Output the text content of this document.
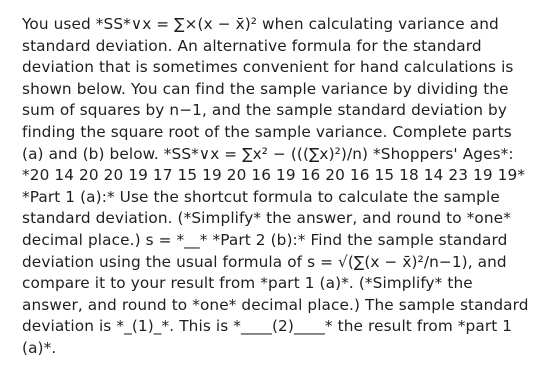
You used *SS*∨x = ∑×(x − x̄)² when calculating variance and standard deviation. An alternative formula for the standard deviation that is sometimes convenient for hand calculations is shown below. You can find the sample variance by dividing the sum of squares by n−1, and the sample standard deviation by finding the square root of the sample variance. Complete parts (a) and (b) below. *SS*∨x = ∑x² − (((∑x)²)/n) *Shoppers' Ages*: *20 14 20 20 19 17 15 19 20 16 19 16 20 16 15 18 14 23 19 19* *Part 1 (a):* Use the shortcut formula to calculate the sample standard deviation. (*Simplify* the answer, and round to *one* decimal place.) s = *__* *Part 2 (b):* Find the sample standard deviation using the usual formula of s = √(∑(x − x̄)²/n−1), and compare it to your result from *part 1 (a)*. (*Simplify* the answer, and round to *one* decimal place.) The sample standard deviation is *_(1)_*. This is *____(2)____* the result from *part 1 (a)*.
